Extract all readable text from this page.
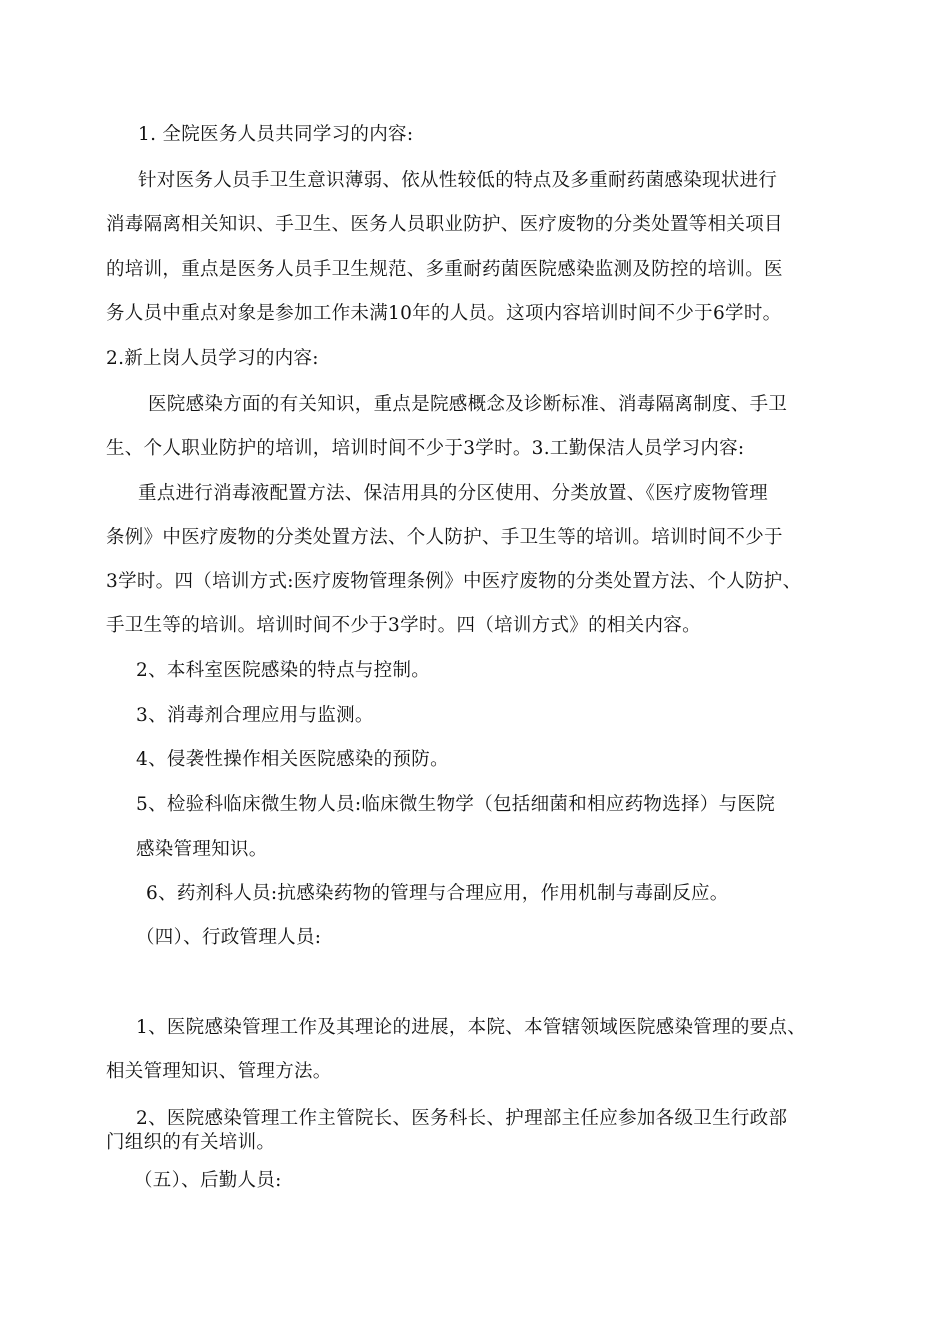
1. 全院医务人员共同学习的内容:
针对医务人员手卫生意识薄弱、依从性较低的特点及多重耐药菌感染现状进行
消毒隔离相关知识、手卫生、医务人员职业防护、医疗废物的分类处置等相关项目
的培训，重点是医务人员手卫生规范、多重耐药菌医院感染监测及防控的培训。医
务人员中重点对象是参加工作未满10年的人员。这项内容培训时间不少于6学时。
2.新上岗人员学习的内容:
医院感染方面的有关知识，重点是院感概念及诊断标准、消毒隔离制度、手卫
生、个人职业防护的培训，培训时间不少于3学时。3.工勤保洁人员学习内容:
重点进行消毒液配置方法、保洁用具的分区使用、分类放置、《医疗废物管理
条例》中医疗废物的分类处置方法、个人防护、手卫生等的培训。培训时间不少于
3学时。四（培训方式:医疗废物管理条例》中医疗废物的分类处置方法、个人防护、
手卫生等的培训。培训时间不少于3学时。四（培训方式》的相关内容。
2、本科室医院感染的特点与控制。
3、消毒剂合理应用与监测。
4、侵袭性操作相关医院感染的预防。
5、检验科临床微生物人员:临床微生物学（包括细菌和相应药物选择）与医院
感染管理知识。
6、药剂科人员:抗感染药物的管理与合理应用，作用机制与毒副反应。
（四）、行政管理人员:
1、医院感染管理工作及其理论的进展，本院、本管辖领域医院感染管理的要点、
相关管理知识、管理方法。
2、医院感染管理工作主管院长、医务科长、护理部主任应参加各级卫生行政部
门组织的有关培训。
（五）、后勤人员:
